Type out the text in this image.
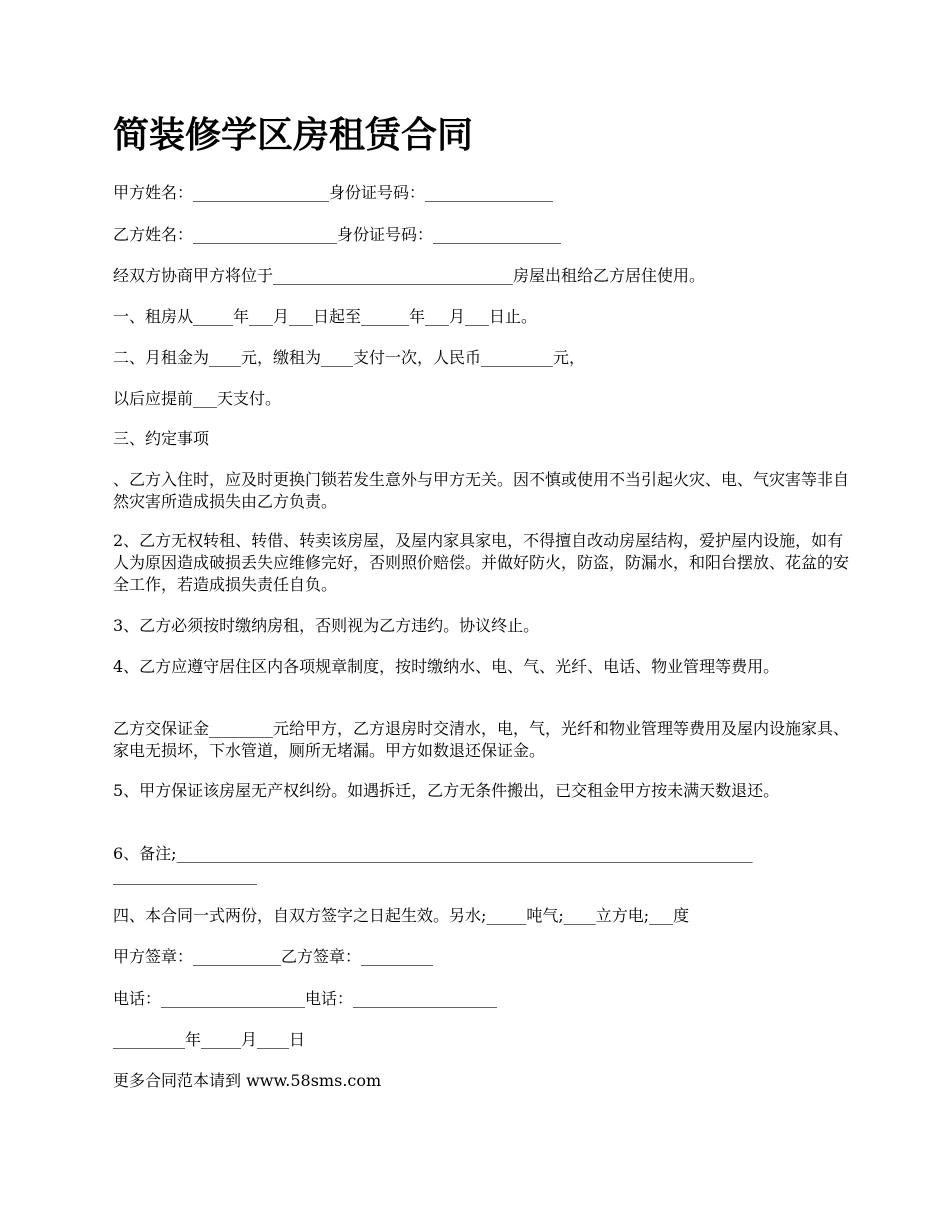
简装修学区房租赁合同

甲方姓名：_________________身份证号码：________________

乙方姓名：__________________身份证号码：________________

经双方协商甲方将位于______________________________房屋出租给乙方居住使用。

一、租房从_____年___月___日起至______年___月___日止。

二、月租金为____元，缴租为____支付一次，人民币_________元，

以后应提前___天支付。

三、约定事项

、乙方入住时，应及时更换门锁若发生意外与甲方无关。因不慎或使用不当引起火灾、电、气灾害等非自然灾害所造成损失由乙方负责。

2、乙方无权转租、转借、转卖该房屋，及屋内家具家电，不得擅自改动房屋结构，爱护屋内设施，如有人为原因造成破损丢失应维修完好，否则照价赔偿。并做好防火，防盗，防漏水，和阳台摆放、花盆的安全工作，若造成损失责任自负。

3、乙方必须按时缴纳房租，否则视为乙方违约。协议终止。

4、乙方应遵守居住区内各项规章制度，按时缴纳水、电、气、光纤、电话、物业管理等费用。

乙方交保证金________元给甲方，乙方退房时交清水，电，气，光纤和物业管理等费用及屋内设施家具、家电无损坏，下水管道，厕所无堵漏。甲方如数退还保证金。

5、甲方保证该房屋无产权纠纷。如遇拆迁，乙方无条件搬出，已交租金甲方按未满天数退还。

6、备注;________________________________________________________________________

__________________

四、本合同一式两份，自双方签字之日起生效。另水;_____吨气;____立方电;___度

甲方签章：___________乙方签章：_________

电话：__________________电话：__________________

_________年_____月____日

更多合同范本请到 www.58sms.com
